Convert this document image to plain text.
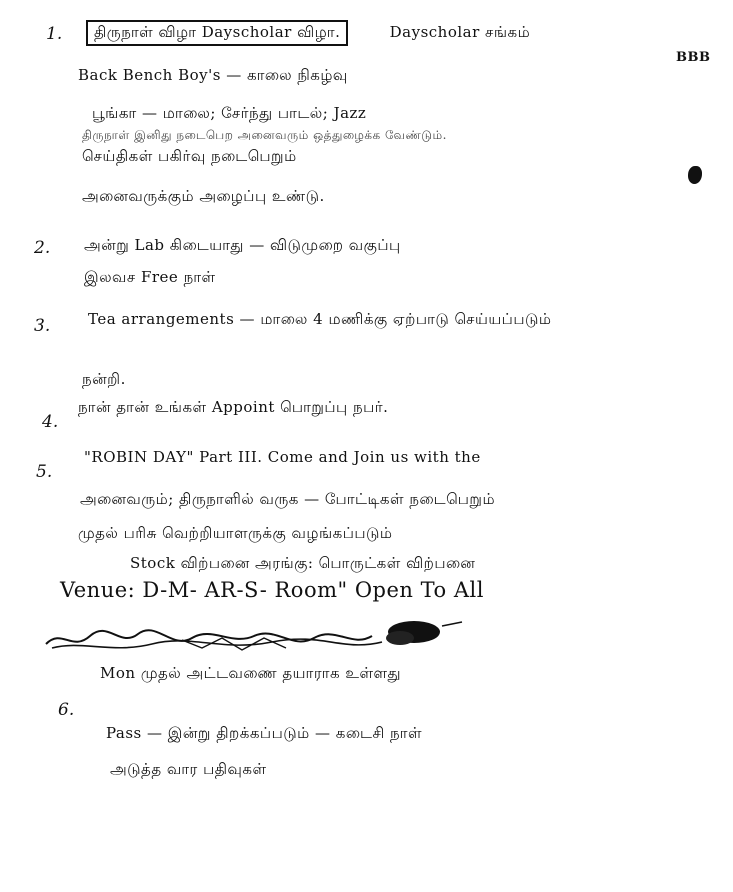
1.	திருநாள் விழா Dayscholar விழா.	Dayscholar சங்கம்
BBB
Back Bench Boy's — காலை நிகழ்வு
பூங்கா — மாலை; சேர்ந்து பாடல்; Jazz
செய்திகள் பகிர்வு நடைபெறும்
அனைவருக்கும் அழைப்பு உண்டு.
திருநாள் இனிது நடைபெற அனைவரும் ஒத்துழைக்க வேண்டும்.
2. அன்று Lab கிடையாது — விடுமுறை வகுப்பு
இலவச Free நாள்
3.	Tea arrangements — மாலை 4 மணிக்கு ஏற்பாடு செய்யப்படும்
நன்றி.
4.
நான் தான் உங்கள் Appoint பொறுப்பு நபர்.
5.
"ROBIN DAY" Part III. Come and Join us with the
அனைவரும்; திருநாளில் வருக — போட்டிகள் நடைபெறும்
முதல் பரிசு வெற்றியாளருக்கு வழங்கப்படும்
Stock விற்பனை அரங்கு: பொருட்கள் விற்பனை
Venue: D-M- AR-S- Room" Open To All
6.
Mon முதல் அட்டவணை தயாராக உள்ளது
Pass — இன்று திறக்கப்படும் — கடைசி நாள்
அடுத்த வார பதிவுகள்
